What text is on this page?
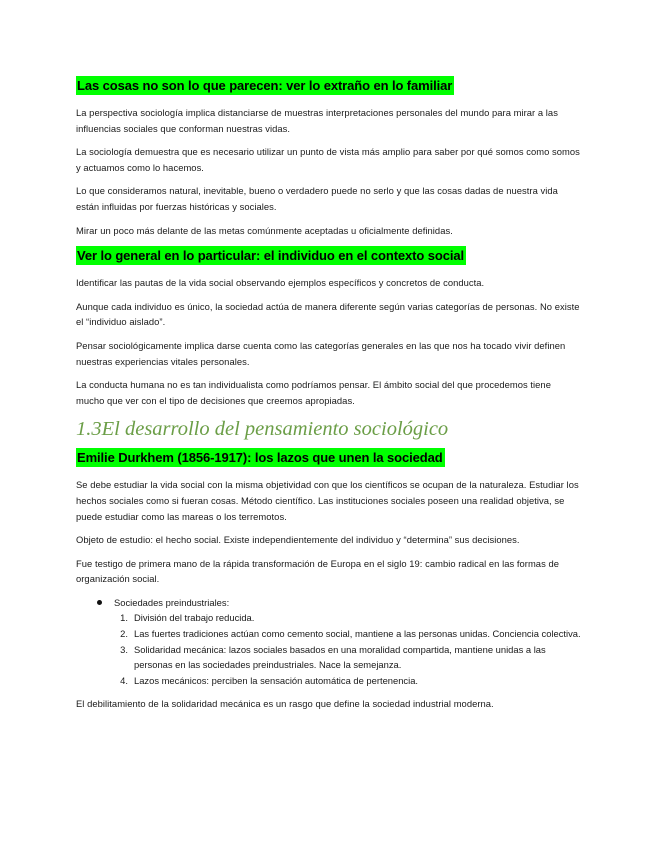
Las cosas no son lo que parecen: ver lo extraño en lo familiar

La perspectiva sociología implica distanciarse de muestras interpretaciones personales del mundo para mirar a las influencias sociales que conforman nuestras vidas.

La sociología demuestra que es necesario utilizar un punto de vista más amplio para saber por qué somos como somos y actuamos como lo hacemos.

Lo que consideramos natural, inevitable, bueno o verdadero puede no serlo y que las cosas dadas de nuestra vida están influidas por fuerzas históricas y sociales.

Mirar un poco más delante de las metas comúnmente aceptadas u oficialmente definidas.

Ver lo general en lo particular: el individuo en el contexto social

Identificar las pautas de la vida social observando ejemplos específicos y concretos de conducta.

Aunque cada individuo es único, la sociedad actúa de manera diferente según varias categorías de personas. No existe el “individuo aislado”.

Pensar sociológicamente implica darse cuenta como las categorías generales en las que nos ha tocado vivir definen nuestras experiencias vitales personales.

La conducta humana no es tan individualista como podríamos pensar. El ámbito social del que procedemos tiene mucho que ver con el tipo de decisiones que creemos apropiadas.

1.3El desarrollo del pensamiento sociológico
Emilie Durkhem (1856-1917): los lazos que unen la sociedad

Se debe estudiar la vida social con la misma objetividad con que los científicos se ocupan de la naturaleza. Estudiar los hechos sociales como si fueran cosas. Método científico. Las instituciones sociales poseen una realidad objetiva, se puede estudiar como las mareas o los terremotos.

Objeto de estudio: el hecho social. Existe independientemente del individuo y “determina” sus decisiones.

Fue testigo de primera mano de la rápida transformación de Europa en el siglo 19: cambio radical en las formas de organización social.

Sociedades preindustriales:
1. División del trabajo reducida.
2. Las fuertes tradiciones actúan como cemento social, mantiene a las personas unidas. Conciencia colectiva.
3. Solidaridad mecánica: lazos sociales basados en una moralidad compartida, mantiene unidas a las personas en las sociedades preindustriales. Nace la semejanza.
4. Lazos mecánicos: perciben la sensación automática de pertenencia.

El debilitamiento de la solidaridad mecánica es un rasgo que define la sociedad industrial moderna.
